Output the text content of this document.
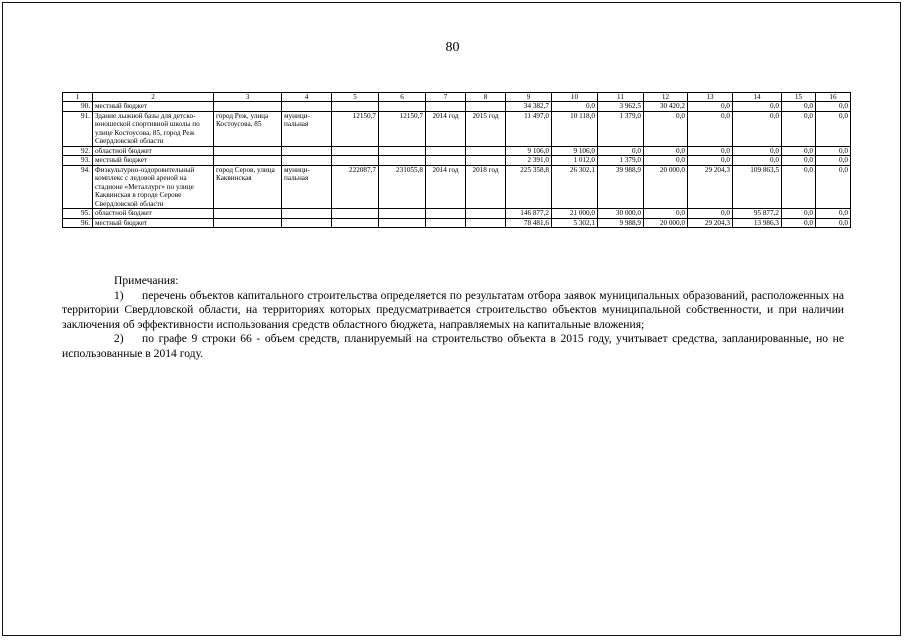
80
1	2	3	4	5	6	7	8	9	10	11	12	13	14	15	16
90.	местный бюджет							34 382,7	0,0	3 962,5	30 420,2	0,0	0,0	0,0	0,0
91.	Здание лыжной базы для детско-юношеской спортивной школы по улице Костоусова, 85, город Реж Свердловской области	город Реж, улица Костоусова, 85	муници-пальная	12150,7	12150,7	2014 год	2015 год	11 497,0	10 118,0	1 379,0	0,0	0,0	0,0	0,0	0,0
92.	областной бюджет							9 106,0	9 106,0	0,0	0,0	0,0	0,0	0,0	0,0
93.	местный бюджет							2 391,0	1 012,0	1 379,0	0,0	0,0	0,0	0,0	0,0
94.	Физкультурно-оздоровительный комплекс с ледовой ареной на стадионе «Металлург» по улице Каквинская в городе Серове Свердловской области	город Серов, улица Каквинская	муници-пальная	222087,7	231055,8	2014 год	2018 год	225 358,8	26 302,1	39 988,9	20 000,0	29 204,3	109 863,5	0,0	0,0
95.	областной бюджет							146 877,2	21 000,0	30 000,0	0,0	0,0	95 877,2	0,0	0,0
96.	местный бюджет							78 481,6	5 302,1	9 988,9	20 000,0	29 204,3	13 986,3	0,0	0,0

Примечания:

1) перечень объектов капитального строительства определяется по результатам отбора заявок муниципальных образований, расположенных на территории Свердловской области, на территориях которых предусматривается строительство объектов муниципальной собственности, и при наличии заключения об эффективности использования средств областного бюджета, направляемых на капитальные вложения;

2) по графе 9 строки 66 - объем средств, планируемый на строительство объекта в 2015 году, учитывает средства, запланированные, но не использованные в 2014 году.
